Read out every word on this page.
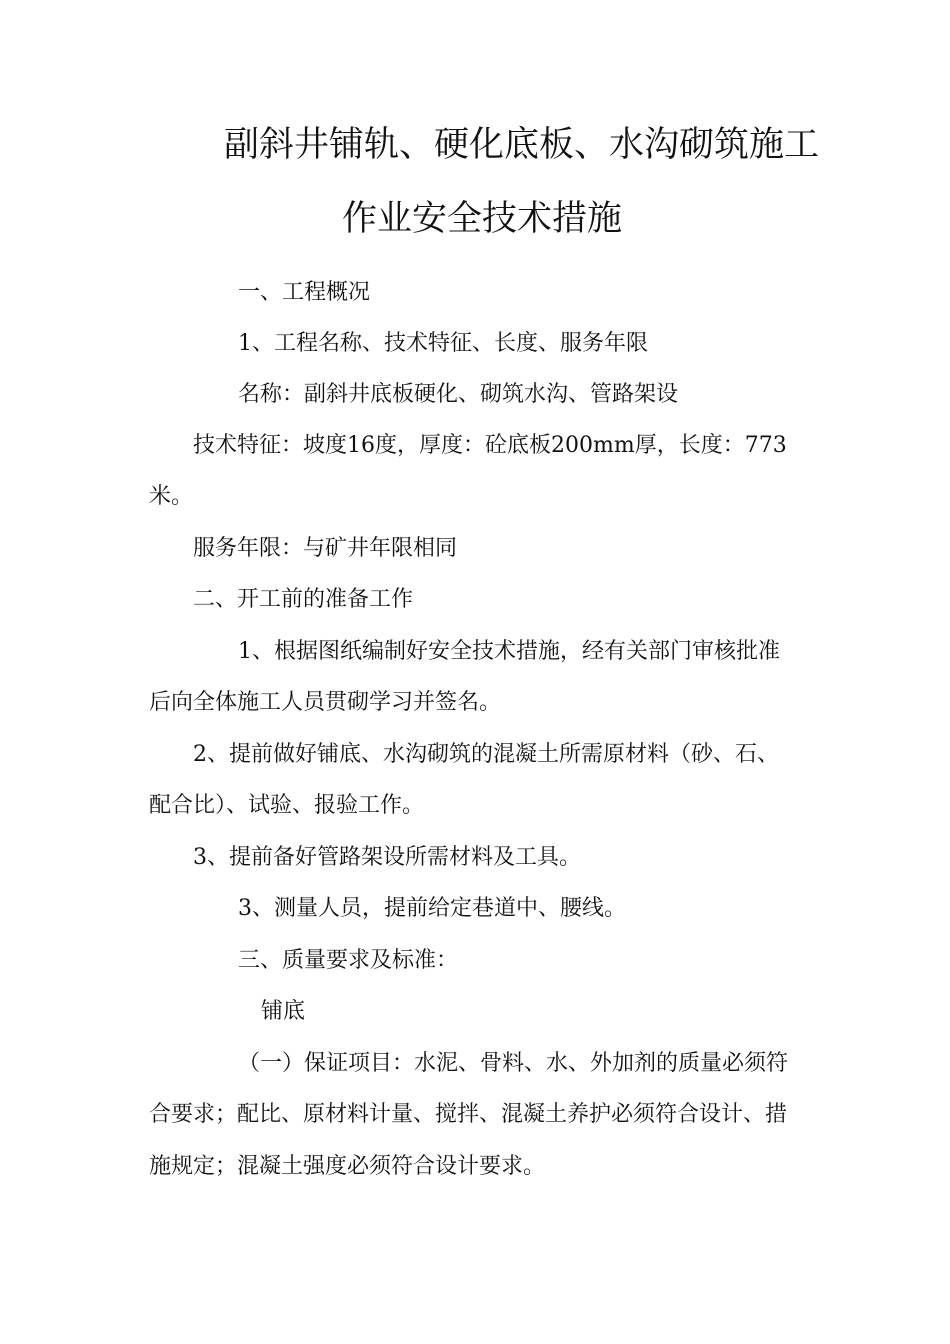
副斜井铺轨、硬化底板、水沟砌筑施工
作业安全技术措施
一、工程概况
1、工程名称、技术特征、长度、服务年限
名称：副斜井底板硬化、砌筑水沟、管路架设
技术特征：坡度16度，厚度：砼底板200mm厚，长度：773
米。
服务年限：与矿井年限相同
二、开工前的准备工作
1、根据图纸编制好安全技术措施，经有关部门审核批准
后向全体施工人员贯砌学习并签名。
2、提前做好铺底、水沟砌筑的混凝土所需原材料（砂、石、
配合比）、试验、报验工作。
3、提前备好管路架设所需材料及工具。
3、测量人员，提前给定巷道中、腰线。
三、质量要求及标准：
铺底
（一）保证项目：水泥、骨料、水、外加剂的质量必须符
合要求；配比、原材料计量、搅拌、混凝土养护必须符合设计、措
施规定；混凝土强度必须符合设计要求。
